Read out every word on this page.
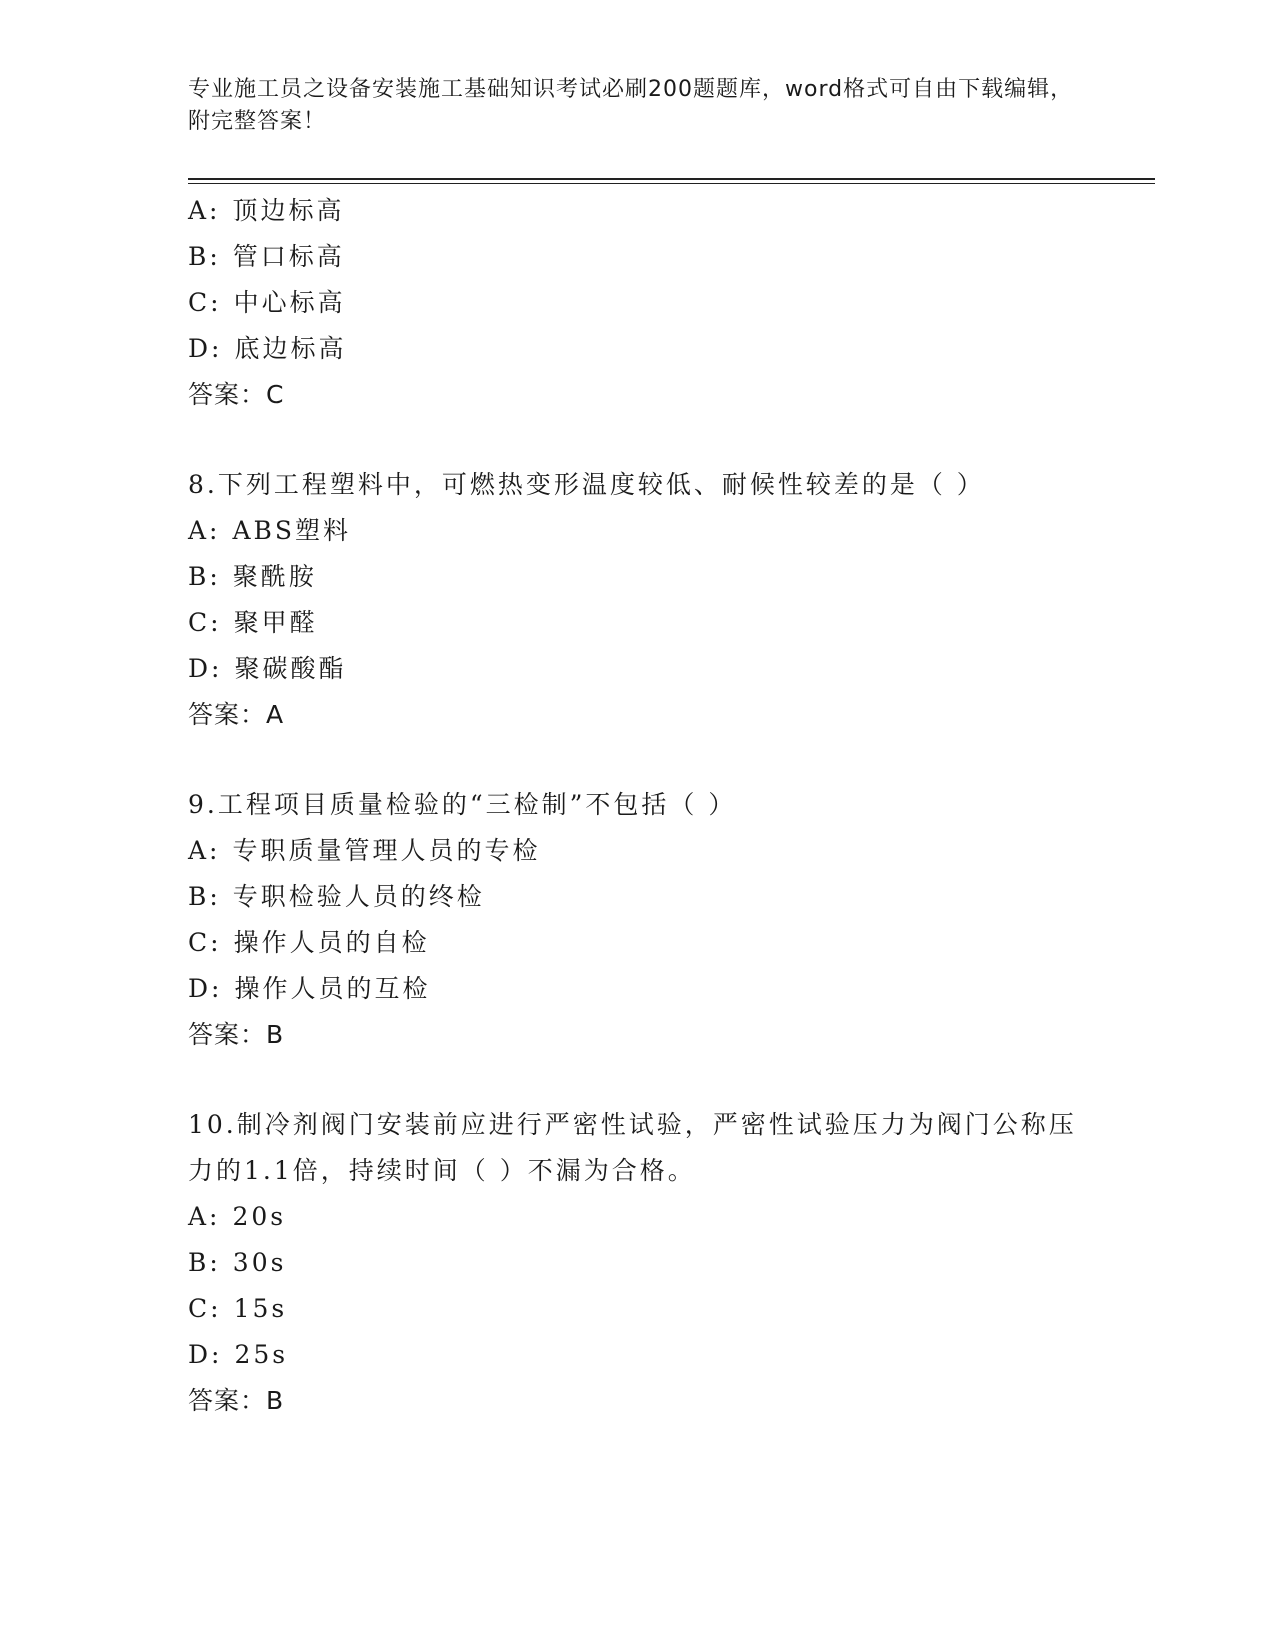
专业施工员之设备安装施工基础知识考试必刷200题题库，word格式可自由下载编辑，附完整答案！
A: 顶边标高
B: 管口标高
C: 中心标高
D: 底边标高
答案：C
8.下列工程塑料中，可燃热变形温度较低、耐候性较差的是（ ）
A: ABS塑料
B: 聚酰胺
C: 聚甲醛
D: 聚碳酸酯
答案：A
9.工程项目质量检验的“三检制”不包括（ ）
A: 专职质量管理人员的专检
B: 专职检验人员的终检
C: 操作人员的自检
D: 操作人员的互检
答案：B
10.制冷剂阀门安装前应进行严密性试验，严密性试验压力为阀门公称压力的1.1倍，持续时间（ ）不漏为合格。
A: 20s
B: 30s
C: 15s
D: 25s
答案：B
